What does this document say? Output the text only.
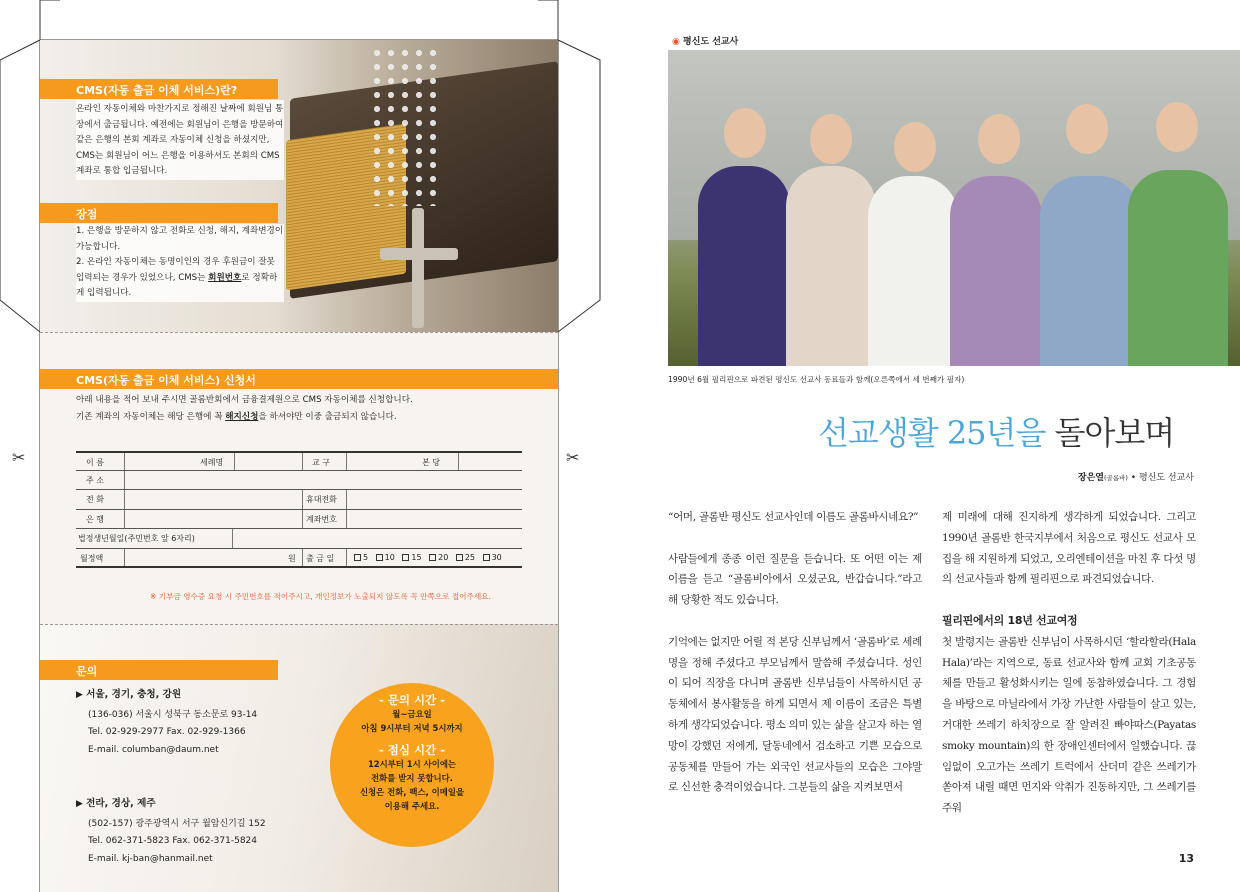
CMS(자동 출금 이체 서비스)란?
온라인 자동이체와 마찬가지로 정해진 날짜에 회원님 통장에서 출금됩니다. 예전에는 회원님이 은행을 방문하여 같은 은행의 본회 계좌로 자동이체 신청을 하셨지만, CMS는 회원님이 어느 은행을 이용하셔도 본회의 CMS계좌로 통합 입금됩니다.
장점
1. 은행을 방문하지 않고 전화로 신청, 해지, 계좌변경이 가능합니다.
2. 온라인 자동이체는 동명이인의 경우 후원금이 잘못 입력되는 경우가 있었으나, CMS는 회원번호로 정확하게 입력됩니다.
CMS(자동 출금 이체 서비스) 신청서
아래 내용을 적어 보내 주시면 골롬반회에서 금융결제원으로 CMS 자동이체를 신청합니다.
기존 계좌의 자동이체는 해당 은행에 꼭 해지신청을 하셔야만 이중 출금되지 않습니다.
이 름	세례명	교 구	본 당
주 소
전 화	휴대전화
은 행	계좌번호
법정생년월일(주민번호 앞 6자리)
월정액	원 출 금 일	5 10 15 20 25 30
※ 기부금 영수증 요청 시 주민번호를 적어주시고, 개인정보가 노출되지 않도록 꼭 안쪽으로 접어주세요.
✂	✂
문의
▶ 서울, 경기, 충청, 강원
(136-036) 서울시 성북구 동소문로 93-14
Tel. 02-929-2977 Fax. 02-929-1366
E-mail. columban@daum.net
▶ 전라, 경상, 제주
(502-157) 광주광역시 서구 월암신기길 152
Tel. 062-371-5823 Fax. 062-371-5824
E-mail. kj-ban@hanmail.net
- 문의 시간 -
월~금요일
아침 9시부터 저녁 5시까지
- 점심 시간 -
12시부터 1시 사이에는
전화를 받지 못합니다.
신청은 전화, 팩스, 이메일을
이용해 주세요.
◉ 평신도 선교사
1990년 6월 필리핀으로 파견된 평신도 선교사 동료들과 함께(오른쪽에서 세 번째가 필자)
선교생활 25년을 돌아보며
장은열(골롬바) • 평신도 선교사

“어머, 골롬반 평신도 선교사인데 이름도 골롬바시네요?”

사람들에게 종종 이런 질문을 듣습니다. 또 어떤 이는 제 이름을 듣고 “골롬비아에서 오셨군요, 반갑습니다.”라고 해 당황한 적도 있습니다.

기억에는 없지만 어릴 적 본당 신부님께서 ‘골롬바’로 세례명을 정해 주셨다고 부모님께서 말씀해 주셨습니다. 성인이 되어 직장을 다니며 골롬반 신부님들이 사목하시던 공동체에서 봉사활동을 하게 되면서 제 이름이 조금은 특별하게 생각되었습니다. 평소 의미 있는 삶을 살고자 하는 열망이 강했던 저에게, 달동네에서 검소하고 기쁜 모습으로 공동체를 만들어 가는 외국인 선교사들의 모습은 그야말로 신선한 충격이었습니다. 그분들의 삶을 지켜보면서

제 미래에 대해 진지하게 생각하게 되었습니다. 그리고 1990년 골롬반 한국지부에서 처음으로 평신도 선교사 모집을 해 지원하게 되었고, 오리엔테이션을 마친 후 다섯 명의 선교사들과 함께 필리핀으로 파견되었습니다.

필리핀에서의 18년 선교여정

첫 발령지는 골롬반 신부님이 사목하시던 ‘할라할라(Hala Hala)’라는 지역으로, 동료 선교사와 함께 교회 기초공동체를 만들고 활성화시키는 일에 동참하였습니다. 그 경험을 바탕으로 마닐라에서 가장 가난한 사람들이 살고 있는, 거대한 쓰레기 하치장으로 잘 알려진 빠야따스(Payatas smoky mountain)의 한 장애인센터에서 일했습니다. 끊임없이 오고가는 쓰레기 트럭에서 산더미 같은 쓰레기가 쏟아져 내릴 때면 먼지와 악취가 진동하지만, 그 쓰레기를 주워

13
